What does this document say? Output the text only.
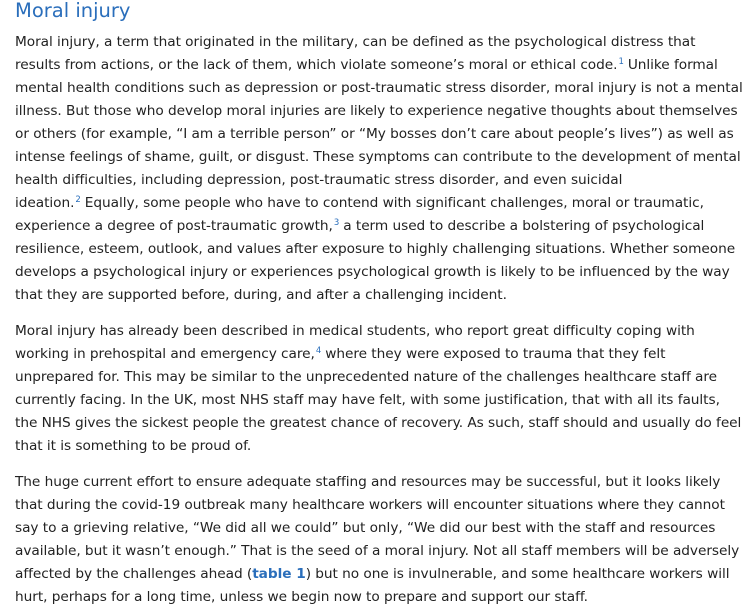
Moral injury

Moral injury, a term that originated in the military, can be defined as the psychological distress that results from actions, or the lack of them, which violate someone’s moral or ethical code.$^1$ Unlike formal mental health conditions such as depression or post-traumatic stress disorder, moral injury is not a mental illness. But those who develop moral injuries are likely to experience negative thoughts about themselves or others (for example, “I am a terrible person” or “My bosses don’t care about people’s lives”) as well as intense feelings of shame, guilt, or disgust. These symptoms can contribute to the development of mental health difficulties, including depression, post-traumatic stress disorder, and even suicidal ideation.$^2$ Equally, some people who have to contend with significant challenges, moral or traumatic, experience a degree of post-traumatic growth,$^3$ a term used to describe a bolstering of psychological resilience, esteem, outlook, and values after exposure to highly challenging situations. Whether someone develops a psychological injury or experiences psychological growth is likely to be influenced by the way that they are supported before, during, and after a challenging incident.

Moral injury has already been described in medical students, who report great difficulty coping with working in prehospital and emergency care,$^4$ where they were exposed to trauma that they felt unprepared for. This may be similar to the unprecedented nature of the challenges healthcare staff are currently facing. In the UK, most NHS staff may have felt, with some justification, that with all its faults, the NHS gives the sickest people the greatest chance of recovery. As such, staff should and usually do feel that it is something to be proud of.

The huge current effort to ensure adequate staffing and resources may be successful, but it looks likely that during the covid-19 outbreak many healthcare workers will encounter situations where they cannot say to a grieving relative, “We did all we could” but only, “We did our best with the staff and resources available, but it wasn’t enough.” That is the seed of a moral injury. Not all staff members will be adversely affected by the challenges ahead (table 1) but no one is invulnerable, and some healthcare workers will hurt, perhaps for a long time, unless we begin now to prepare and support our staff.
